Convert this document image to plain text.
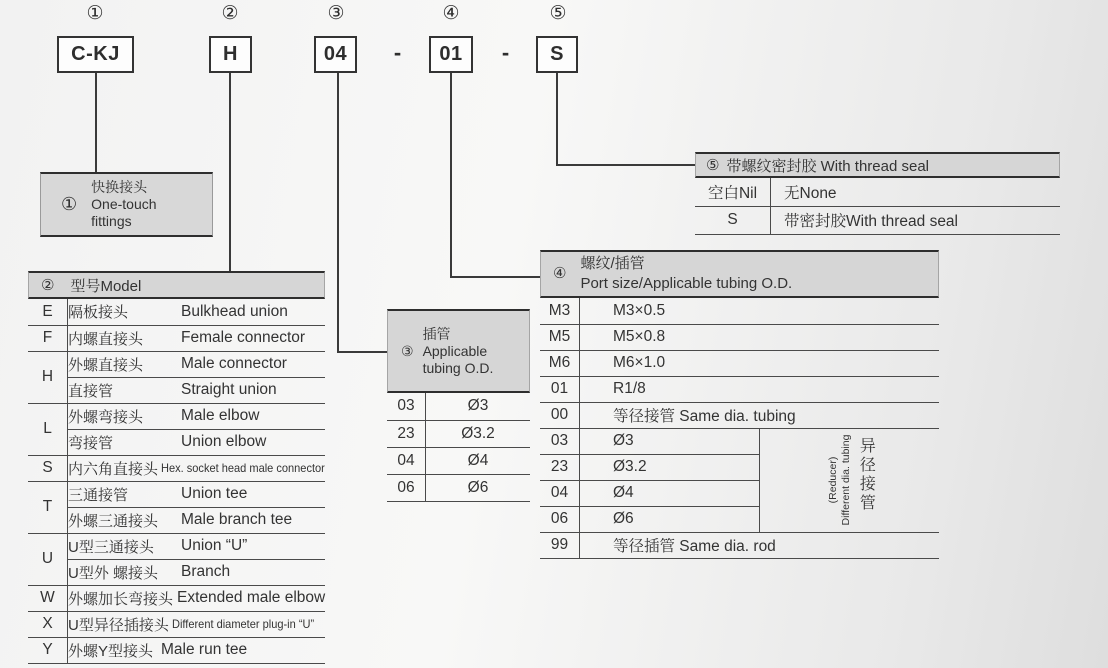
①	②	③	④	⑤
C-KJ	H	04	01	S
-	-
①
快换接头
One-touch
fittings
② 型号Model
E	隔板接头 Bulkhead union

F	内螺直接头 Female connector

H	外螺直接头 Male connector

	直接管 Straight union

L	外螺弯接头 Male elbow

	弯接管 Union elbow

S	内六角直接头 Hex. socket head male connector

T	三通接管 Union tee

	外螺三通接头 Male branch tee

U	U型三通接头 Union “U”

	U型外 螺接头 Branch

W	外螺加长弯接头 Extended male elbow

X	U型异径插接头 Different diameter plug-in “U”

Y	外螺Y型接头 Male run tee
③
插管
Applicable
tubing O.D.
03	Ø3
23	Ø3.2
04	Ø4
06	Ø6
④
螺纹/插管
Port size/Applicable tubing O.D.
M3	M3×0.5	
M5	M5×0.8	
M6	M6×1.0	
01	R1/8	
00	等径接管 Same dia. tubing	
03	Ø3	(Reducer) Different dia. tubing 异径接管

23	Ø3.2	
04	Ø4	
06	Ø6	
99	等径插管 Same dia. rod	
⑤ 带螺纹密封胶 With thread seal
空白Nil	无None
S	带密封胶With thread seal
